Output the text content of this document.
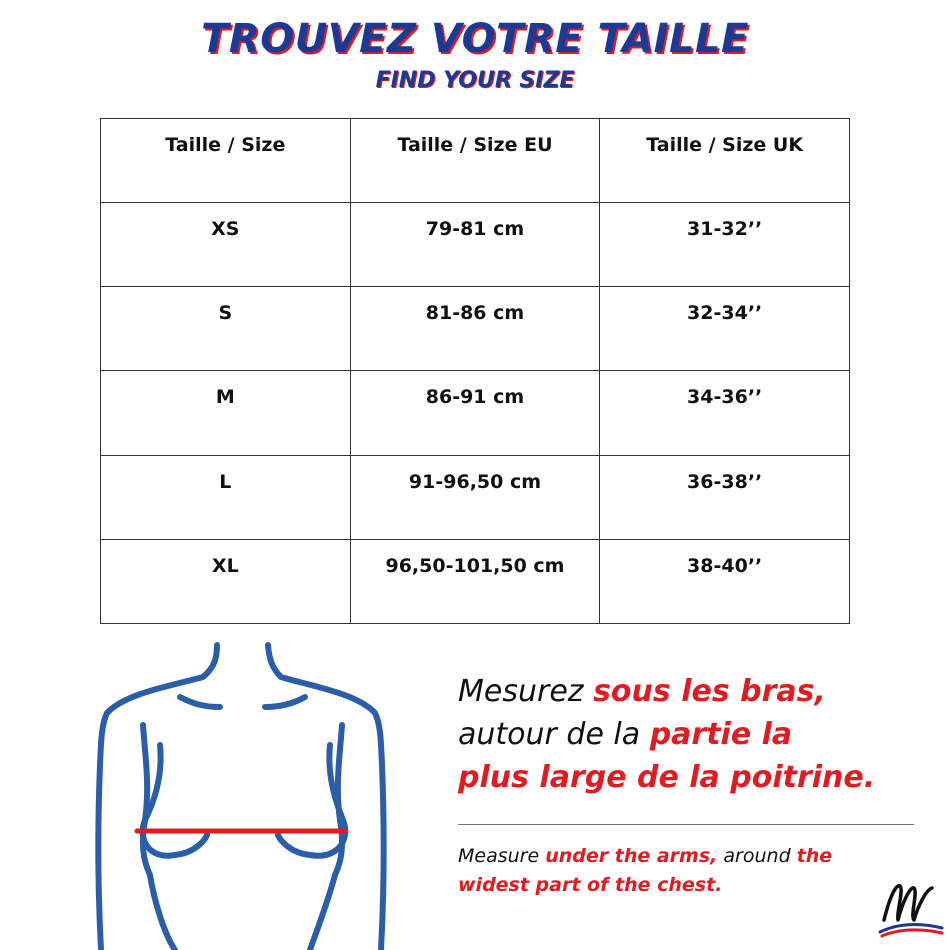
TROUVEZ VOTRE TAILLE
FIND YOUR SIZE
Taille / Size	Taille / Size EU	Taille / Size UK
XS	79-81 cm	31-32’’
S	81-86 cm	32-34’’
M	86-91 cm	34-36’’
L	91-96,50 cm	36-38’’
XL	96,50-101,50 cm	38-40’’
Mesurez sous les bras,
autour de la partie la
plus large de la poitrine.
Measure under the arms, around the
widest part of the chest.
